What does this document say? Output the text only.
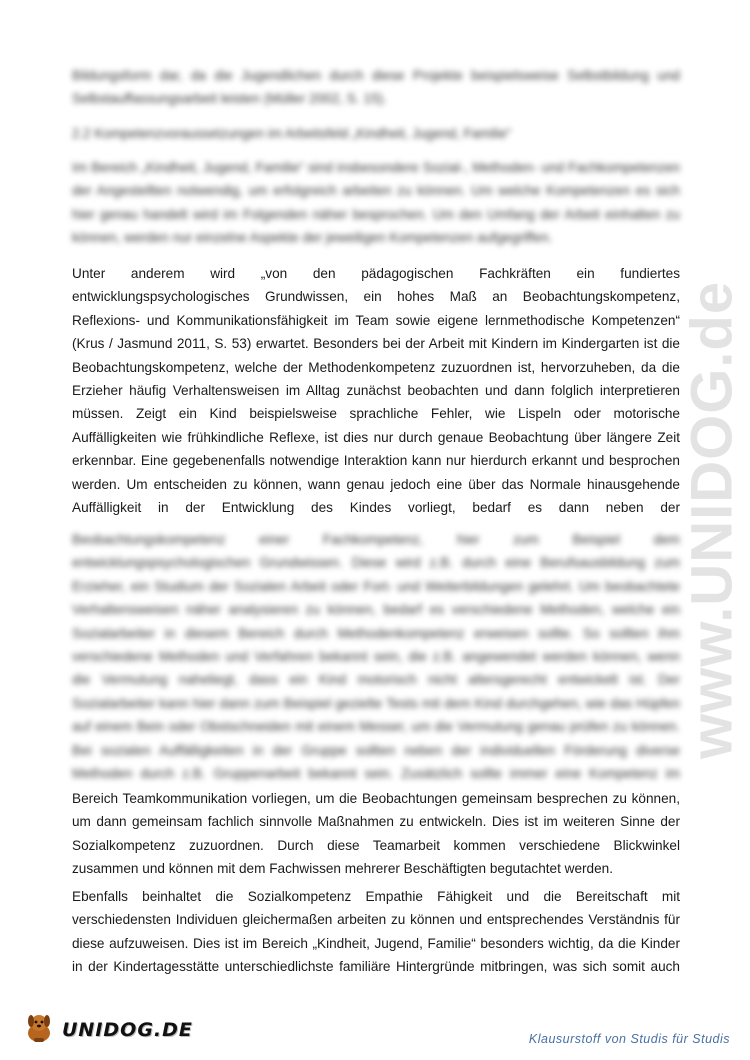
Bildungsform dar, da die Jugendlichen durch diese Projekte beispielsweise Selbstbildung und
Selbstauffassungsarbeit leisten (Müller 2002, S. 15).
2.2 Kompetenzvoraussetzungen im Arbeitsfeld „Kindheit, Jugend, Familie“
Im Bereich „Kindheit, Jugend, Familie“ sind insbesondere Sozial-, Methoden- und Fachkompetenzen
der Angestellten notwendig, um erfolgreich arbeiten zu können. Um welche Kompetenzen es sich
hier genau handelt wird im Folgenden näher besprochen. Um den Umfang der Arbeit einhalten zu
können, werden nur einzelne Aspekte der jeweiligen Kompetenzen aufgegriffen.
Unter anderem wird „von den pädagogischen Fachkräften ein fundiertes
entwicklungspsychologisches Grundwissen, ein hohes Maß an Beobachtungskompetenz,
Reflexions- und Kommunikationsfähigkeit im Team sowie eigene lernmethodische Kompetenzen“
(Krus / Jasmund 2011, S. 53) erwartet. Besonders bei der Arbeit mit Kindern im Kindergarten ist die
Beobachtungskompetenz, welche der Methodenkompetenz zuzuordnen ist, hervorzuheben, da die
Erzieher häufig Verhaltensweisen im Alltag zunächst beobachten und dann folglich interpretieren
müssen. Zeigt ein Kind beispielsweise sprachliche Fehler, wie Lispeln oder motorische
Auffälligkeiten wie frühkindliche Reflexe, ist dies nur durch genaue Beobachtung über längere Zeit
erkennbar. Eine gegebenenfalls notwendige Interaktion kann nur hierdurch erkannt und besprochen
werden. Um entscheiden zu können, wann genau jedoch eine über das Normale hinausgehende
Auffälligkeit in der Entwicklung des Kindes vorliegt, bedarf es dann neben der
Beobachtungskompetenz einer Fachkompetenz, hier zum Beispiel dem
entwicklungspsychologischen Grundwissen. Diese wird z.B. durch eine Berufsausbildung zum
Erzieher, ein Studium der Sozialen Arbeit oder Fort- und Weiterbildungen gelehrt. Um beobachtete
Verhaltensweisen näher analysieren zu können, bedarf es verschiedene Methoden, welche ein
Sozialarbeiter in diesem Bereich durch Methodenkompetenz erweisen sollte. So sollten ihm
verschiedene Methoden und Verfahren bekannt sein, die z.B. angewendet werden können, wenn
die Vermutung naheliegt, dass ein Kind motorisch nicht altersgerecht entwickelt ist. Der
Sozialarbeiter kann hier dann zum Beispiel gezielte Tests mit dem Kind durchgehen, wie das Hüpfen
auf einem Bein oder Obstschneiden mit einem Messer, um die Vermutung genau prüfen zu können.
Bei sozialen Auffälligkeiten in der Gruppe sollten neben der individuellen Förderung diverse
Methoden durch z.B. Gruppenarbeit bekannt sein. Zusätzlich sollte immer eine Kompetenz im
Bereich Teamkommunikation vorliegen, um die Beobachtungen gemeinsam besprechen zu können,
um dann gemeinsam fachlich sinnvolle Maßnahmen zu entwickeln. Dies ist im weiteren Sinne der
Sozialkompetenz zuzuordnen. Durch diese Teamarbeit kommen verschiedene Blickwinkel
zusammen und können mit dem Fachwissen mehrerer Beschäftigten begutachtet werden.
Ebenfalls beinhaltet die Sozialkompetenz Empathie Fähigkeit und die Bereitschaft mit
verschiedensten Individuen gleichermaßen arbeiten zu können und entsprechendes Verständnis für
diese aufzuweisen. Dies ist im Bereich „Kindheit, Jugend, Familie“ besonders wichtig, da die Kinder
in der Kindertagesstätte unterschiedlichste familiäre Hintergründe mitbringen, was sich somit auch
www.UNIDOG.de
UNIDOG.DE	Klausurstoff von Studis für Studis
